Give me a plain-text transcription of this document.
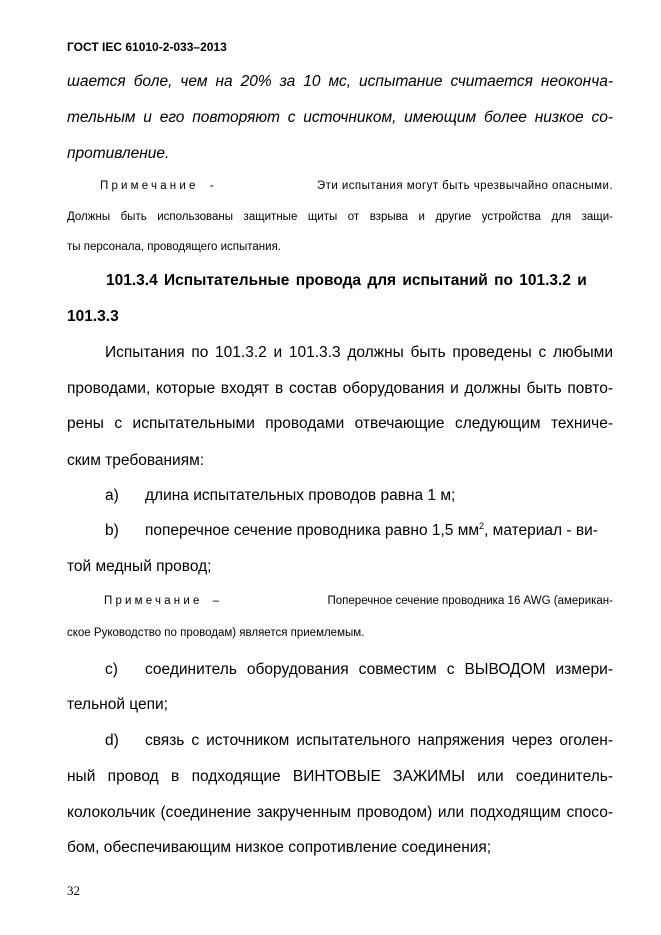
ГОСТ IEC 61010-2-033–2013
шается боле, чем на 20% за 10 мс, испытание считается неоконча-
тельным и его повторяют с источником, имеющим более низкое со-
противление.
Примечание -	Эти испытания могут быть чрезвычайно опасными.
Должны быть использованы защитные щиты от взрыва и другие устройства для защи-
ты персонала, проводящего испытания.
101.3.4 Испытательные провода для испытаний по 101.3.2 и
101.3.3
Испытания по 101.3.2 и 101.3.3 должны быть проведены с любыми
проводами, которые входят в состав оборудования и должны быть повто-
рены с испытательными проводами отвечающие следующим техниче-
ским требованиям:
а) длина испытательных проводов равна 1 м;
b) поперечное сечение проводника равно 1,5 $мм^2$, материал - ви-
той медный провод;
Примечание –	Поперечное сечение проводника 16 AWG (американ-
ское Руководство по проводам) является приемлемым.
c) соединитель оборудования совместим с ВЫВОДОМ измери-
тельной цепи;
d) связь с источником испытательного напряжения через оголен-
ный провод в подходящие ВИНТОВЫЕ ЗАЖИМЫ или соединитель-
колокольчик (соединение закрученным проводом) или подходящим спосо-
бом, обеспечивающим низкое сопротивление соединения;
32
